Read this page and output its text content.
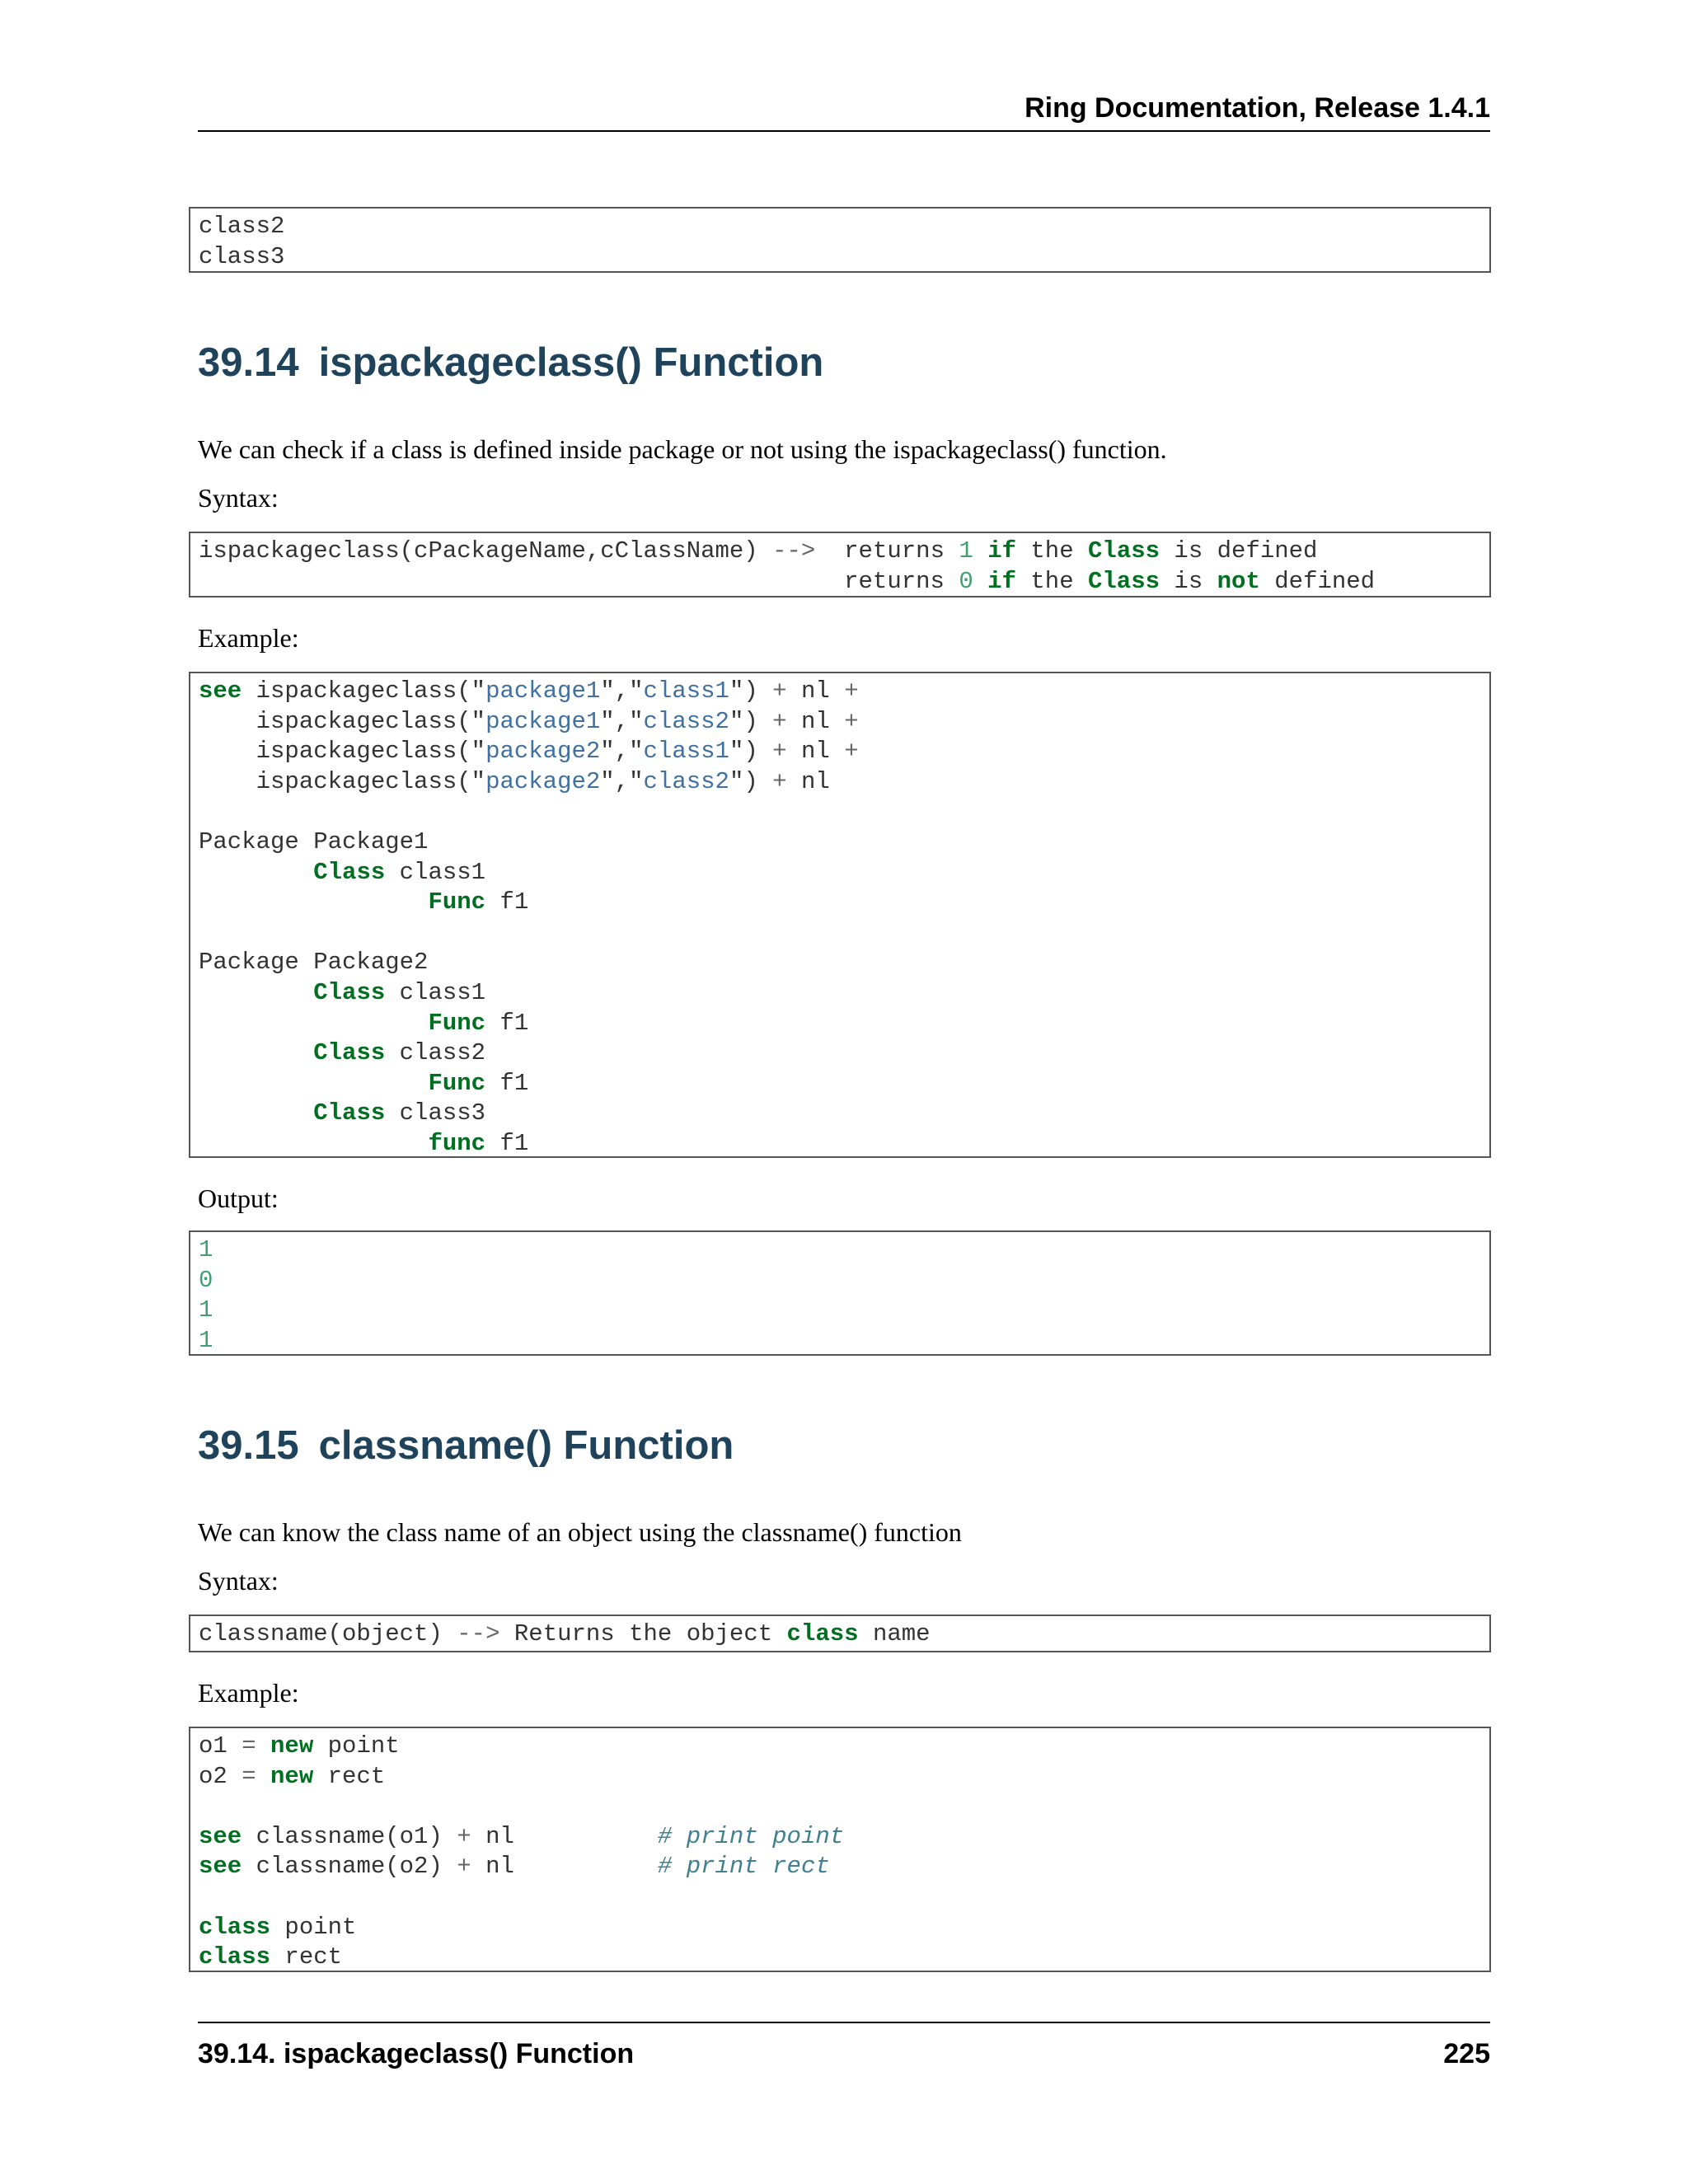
Ring Documentation, Release 1.4.1
class2
class3
39.14 ispackageclass() Function

We can check if a class is defined inside package or not using the ispackageclass() function.

Syntax:

ispackageclass(cPackageName,cClassName) -->  returns 1 if the Class is defined
returns 0 if the Class is not defined

Example:

see ispackageclass("package1","class1") + nl +
ispackageclass("package1","class2") + nl +
ispackageclass("package2","class1") + nl +
ispackageclass("package2","class2") + nl

Package Package1
Class class1
Func f1

Package Package2
Class class1
Func f1
Class class2
Func f1
Class class3
func f1

Output:

1
0
1
1
39.15 classname() Function

We can know the class name of an object using the classname() function

Syntax:

classname(object) --> Returns the object class name

Example:

o1 = new point
o2 = new rect

see classname(o1) + nl          # print point
see classname(o2) + nl          # print rect

class point
class rect
39.14. ispackageclass() Function	225
